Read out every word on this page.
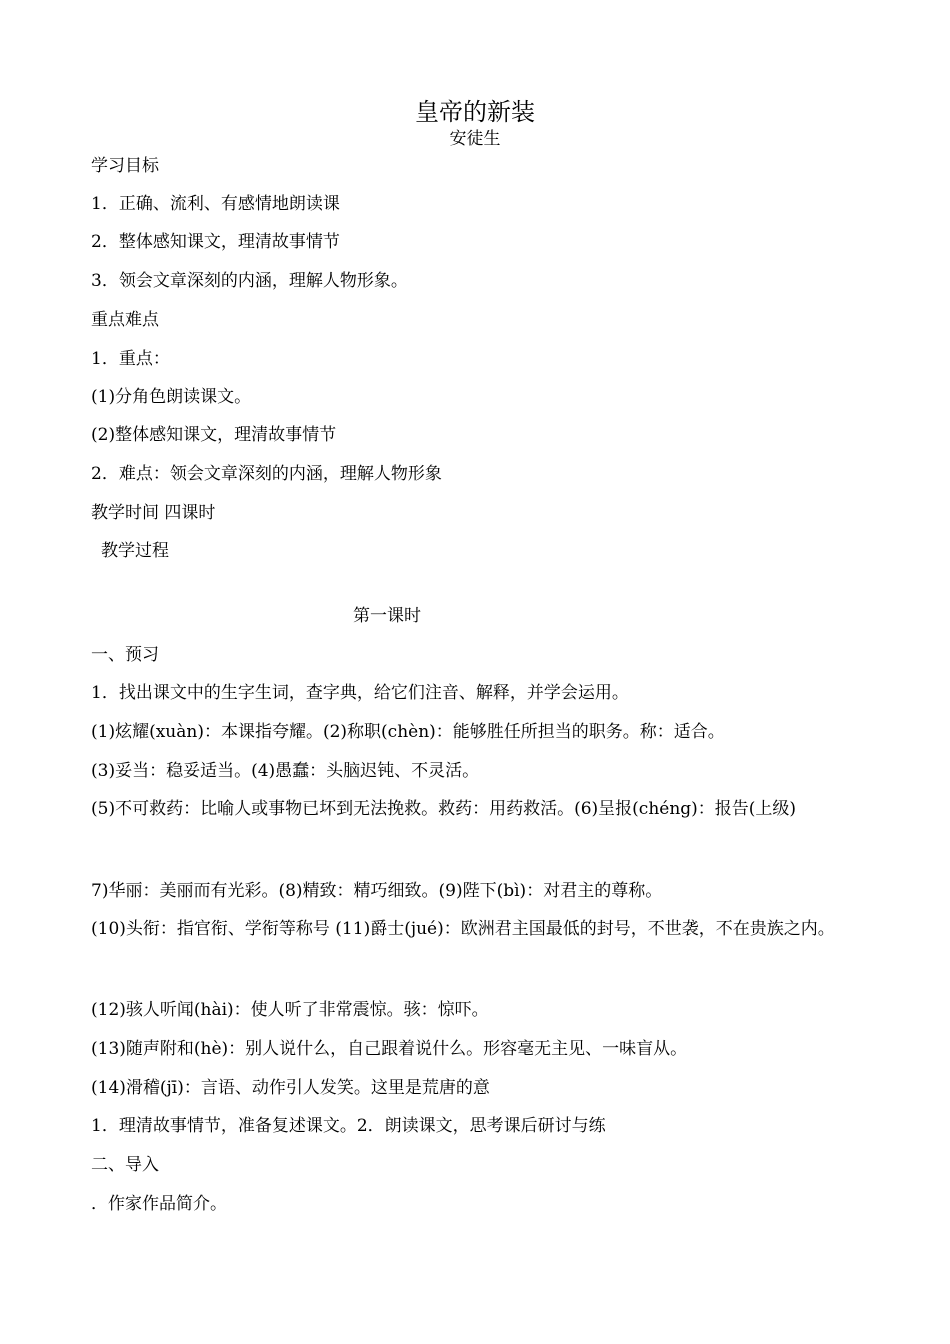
皇帝的新装
安徒生
学习目标
1．正确、流利、有感情地朗读课
2．整体感知课文，理清故事情节
3．领会文章深刻的内涵，理解人物形象。
重点难点
1．重点：
(1)分角色朗读课文。
(2)整体感知课文，理清故事情节
2．难点：领会文章深刻的内涵，理解人物形象
教学时间 四课时
教学过程
第一课时
一、预习
1．找出课文中的生字生词，查字典，给它们注音、解释，并学会运用。
(1)炫耀(xuàn)：本课指夸耀。(2)称职(chèn)：能够胜任所担当的职务。称：适合。
(3)妥当：稳妥适当。(4)愚蠢：头脑迟钝、不灵活。
(5)不可救药：比喻人或事物已坏到无法挽救。救药：用药救活。(6)呈报(chéng)：报告(上级)
7)华丽：美丽而有光彩。(8)精致：精巧细致。(9)陛下(bì)：对君主的尊称。
(10)头衔：指官衔、学衔等称号 (11)爵士(jué)：欧洲君主国最低的封号，不世袭，不在贵族之内。
(12)骇人听闻(hài)：使人听了非常震惊。骇：惊吓。
(13)随声附和(hè)：别人说什么，自己跟着说什么。形容毫无主见、一味盲从。
(14)滑稽(jī)：言语、动作引人发笑。这里是荒唐的意
1．理清故事情节，准备复述课文。2．朗读课文，思考课后研讨与练
二、导入
．作家作品简介。
